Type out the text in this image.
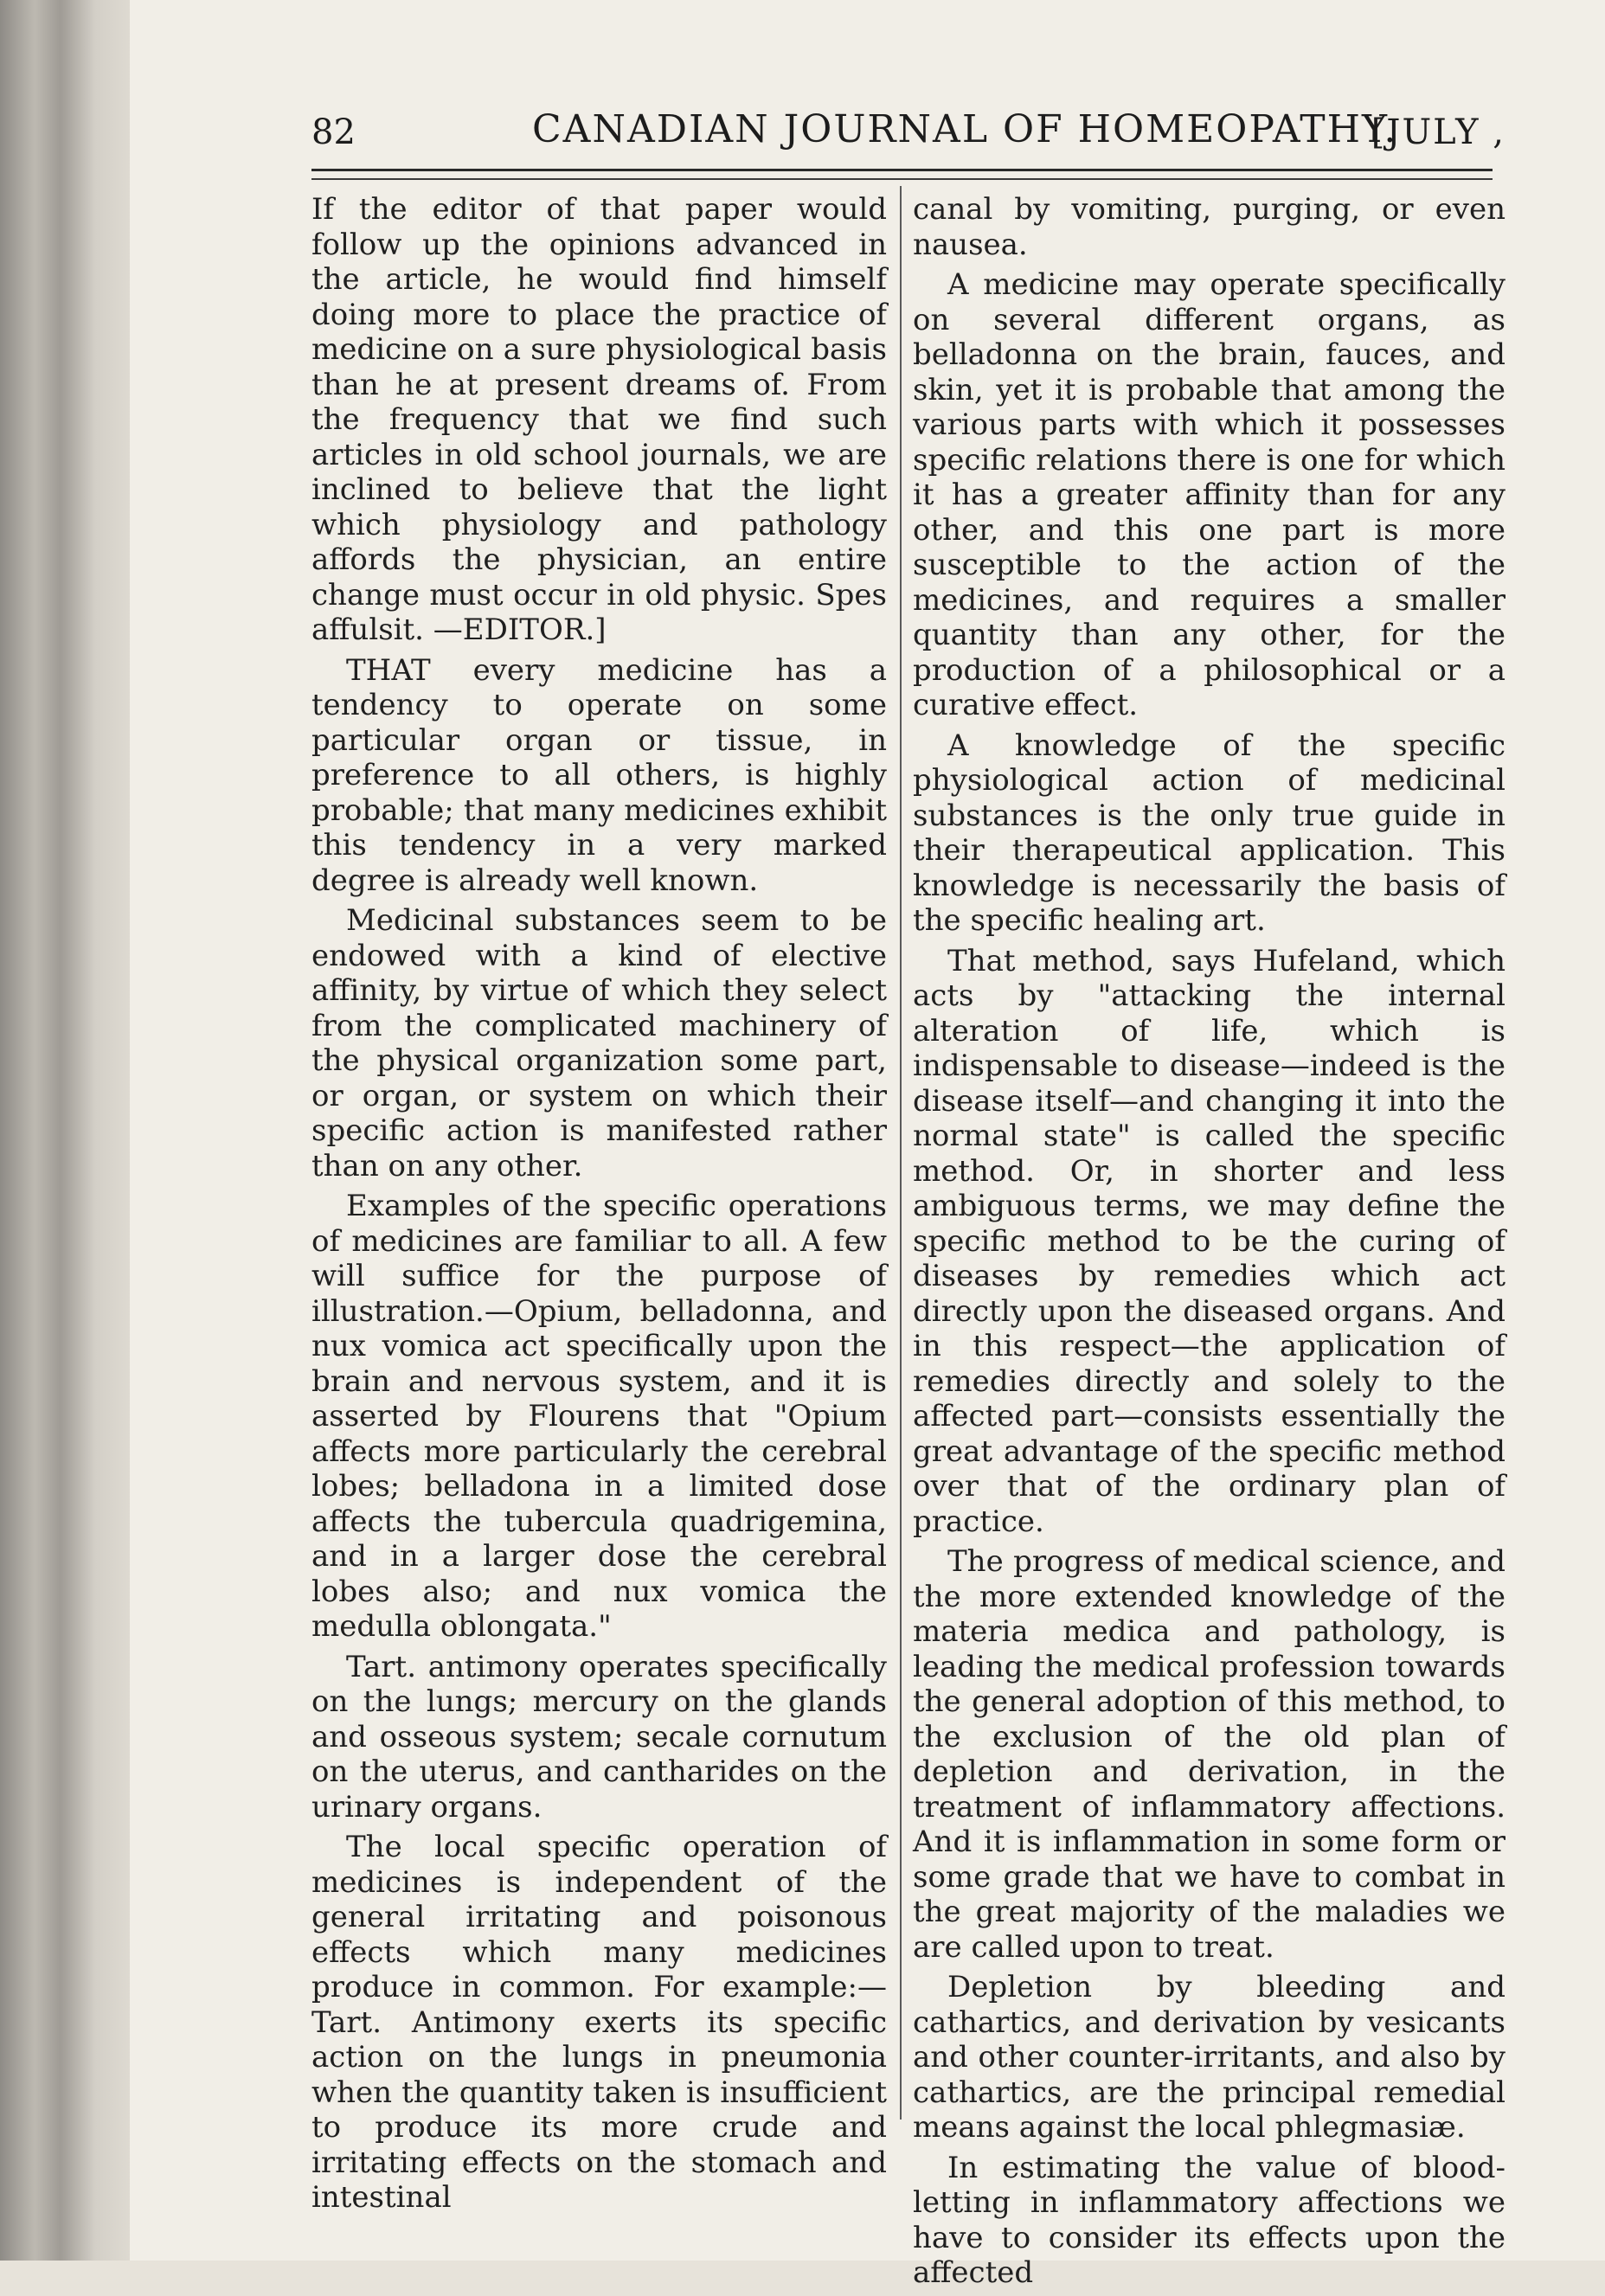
82	CANADIAN JOURNAL OF HOMEOPATHY.
[JULY ,

If the editor of that paper would follow up the opinions advanced in the article, he would find himself doing more to place the practice of medicine on a sure physiological basis than he at present dreams of. From the frequency that we find such articles in old school journals, we are inclined to believe that the light which physiology and pathology affords the physician, an entire change must occur in old physic. Spes affulsit. —EDITOR.]

THAT every medicine has a tendency to operate on some particular organ or tissue, in preference to all others, is highly probable; that many medicines exhibit this tendency in a very marked degree is already well known.

Medicinal substances seem to be endowed with a kind of elective affinity, by virtue of which they select from the complicated machinery of the physical organization some part, or organ, or system on which their specific action is manifested rather than on any other.

Examples of the specific operations of medicines are familiar to all. A few will suffice for the purpose of illustration.—Opium, belladonna, and nux vomica act specifically upon the brain and nervous system, and it is asserted by Flourens that "Opium affects more particularly the cerebral lobes; belladona in a limited dose affects the tubercula quadrigemina, and in a larger dose the cerebral lobes also; and nux vomica the medulla oblongata."

Tart. antimony operates specifically on the lungs; mercury on the glands and osseous system; secale cornutum on the uterus, and cantharides on the urinary organs.

The local specific operation of medicines is independent of the general irritating and poisonous effects which many medicines produce in common. For example:—Tart. Antimony exerts its specific action on the lungs in pneumonia when the quantity taken is insufficient to produce its more crude and irritating effects on the stomach and intestinal

canal by vomiting, purging, or even nausea.

A medicine may operate specifically on several different organs, as belladonna on the brain, fauces, and skin, yet it is probable that among the various parts with which it possesses specific relations there is one for which it has a greater affinity than for any other, and this one part is more susceptible to the action of the medicines, and requires a smaller quantity than any other, for the production of a philosophical or a curative effect.

A knowledge of the specific physiological action of medicinal substances is the only true guide in their therapeutical application. This knowledge is necessarily the basis of the specific healing art.

That method, says Hufeland, which acts by "attacking the internal alteration of life, which is indispensable to disease—indeed is the disease itself—and changing it into the normal state" is called the specific method. Or, in shorter and less ambiguous terms, we may define the specific method to be the curing of diseases by remedies which act directly upon the diseased organs. And in this respect—the application of remedies directly and solely to the affected part—consists essentially the great advantage of the specific method over that of the ordinary plan of practice.

The progress of medical science, and the more extended knowledge of the materia medica and pathology, is leading the medical profession towards the general adoption of this method, to the exclusion of the old plan of depletion and derivation, in the treatment of inflammatory affections. And it is inflammation in some form or some grade that we have to combat in the great majority of the maladies we are called upon to treat.

Depletion by bleeding and cathartics, and derivation by vesicants and other counter-irritants, and also by cathartics, are the principal remedial means against the local phlegmasiæ.

In estimating the value of blood-letting in inflammatory affections we have to consider its effects upon the affected
